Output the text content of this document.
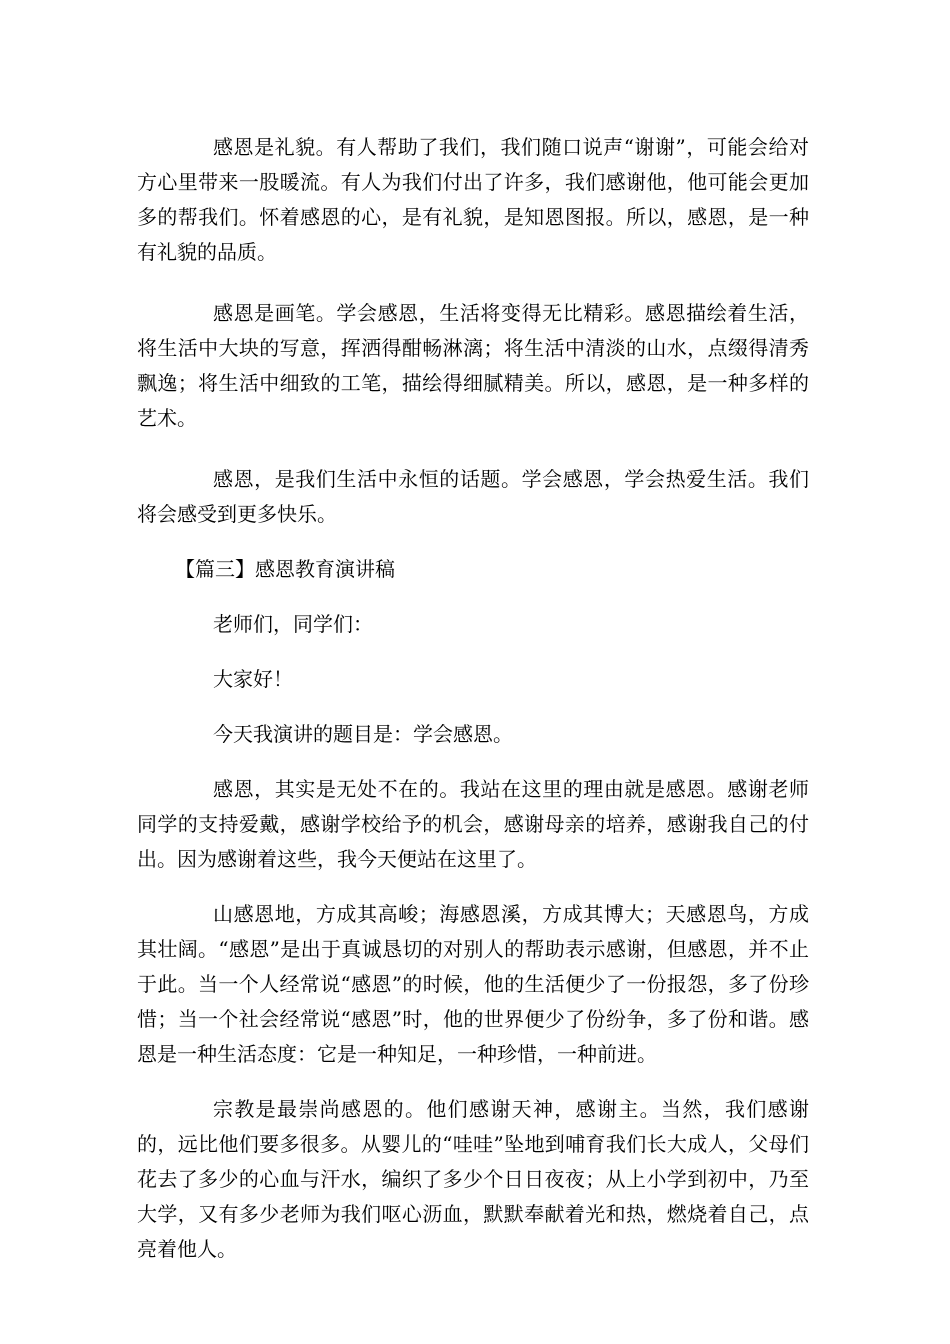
感恩是礼貌。有人帮助了我们，我们随口说声“谢谢”，可能会给对方心里带来一股暖流。有人为我们付出了许多，我们感谢他，他可能会更加多的帮我们。怀着感恩的心，是有礼貌，是知恩图报。所以，感恩，是一种有礼貌的品质。

感恩是画笔。学会感恩，生活将变得无比精彩。感恩描绘着生活，将生活中大块的写意，挥洒得酣畅淋漓；将生活中清淡的山水，点缀得清秀飘逸；将生活中细致的工笔，描绘得细腻精美。所以，感恩，是一种多样的艺术。

感恩，是我们生活中永恒的话题。学会感恩，学会热爱生活。我们将会感受到更多快乐。

【篇三】感恩教育演讲稿

老师们，同学们：

大家好！

今天我演讲的题目是：学会感恩。

感恩，其实是无处不在的。我站在这里的理由就是感恩。感谢老师同学的支持爱戴，感谢学校给予的机会，感谢母亲的培养，感谢我自己的付出。因为感谢着这些，我今天便站在这里了。

山感恩地，方成其高峻；海感恩溪，方成其博大；天感恩鸟，方成其壮阔。“感恩”是出于真诚恳切的对别人的帮助表示感谢，但感恩，并不止于此。当一个人经常说“感恩”的时候，他的生活便少了一份报怨，多了份珍惜；当一个社会经常说“感恩”时，他的世界便少了份纷争，多了份和谐。感恩是一种生活态度：它是一种知足，一种珍惜，一种前进。

宗教是最崇尚感恩的。他们感谢天神，感谢主。当然，我们感谢的，远比他们要多很多。从婴儿的“哇哇”坠地到哺育我们长大成人，父母们花去了多少的心血与汗水，编织了多少个日日夜夜；从上小学到初中，乃至大学，又有多少老师为我们呕心沥血，默默奉献着光和热，燃烧着自己，点亮着他人。
